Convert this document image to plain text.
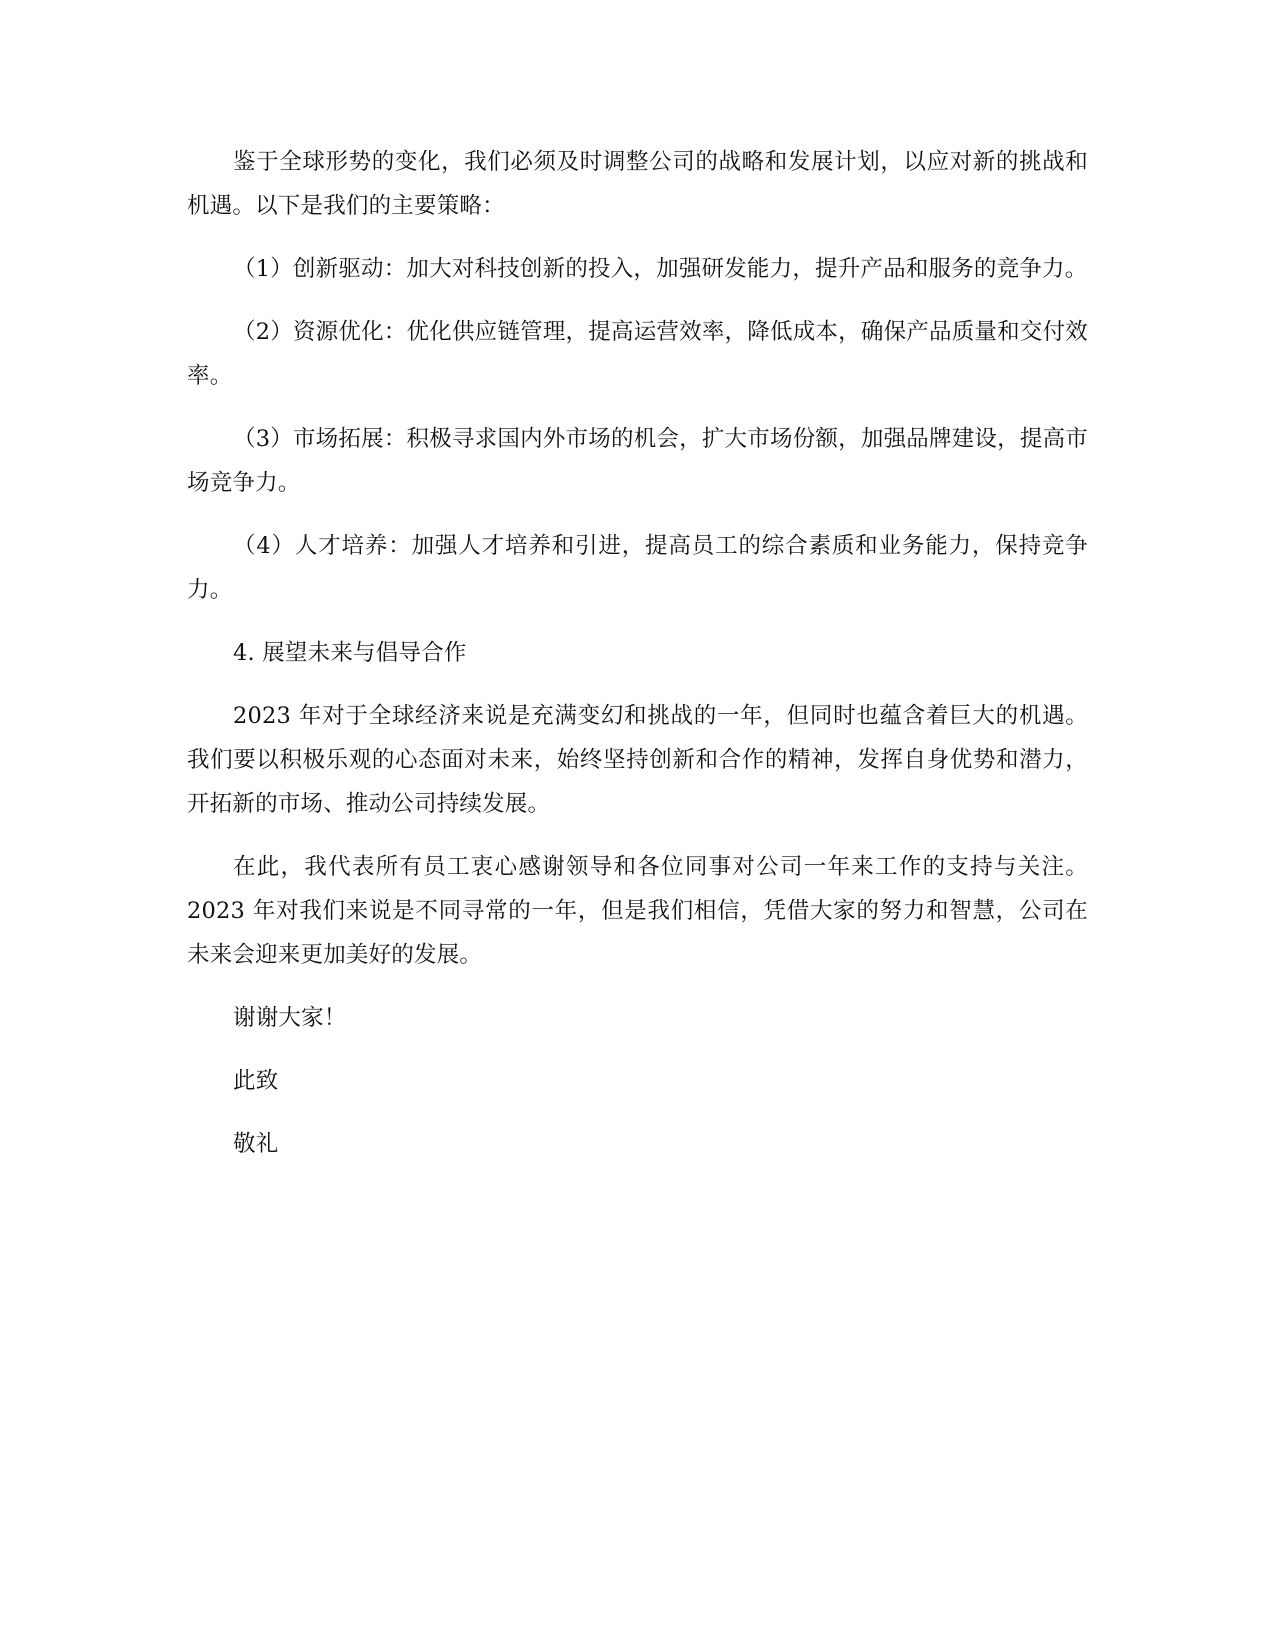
鉴于全球形势的变化，我们必须及时调整公司的战略和发展计划，以应对新的挑战和机遇。以下是我们的主要策略：

（1）创新驱动：加大对科技创新的投入，加强研发能力，提升产品和服务的竞争力。

（2）资源优化：优化供应链管理，提高运营效率，降低成本，确保产品质量和交付效率。

（3）市场拓展：积极寻求国内外市场的机会，扩大市场份额，加强品牌建设，提高市场竞争力。

（4）人才培养：加强人才培养和引进，提高员工的综合素质和业务能力，保持竞争力。

4. 展望未来与倡导合作

2023 年对于全球经济来说是充满变幻和挑战的一年，但同时也蕴含着巨大的机遇。我们要以积极乐观的心态面对未来，始终坚持创新和合作的精神，发挥自身优势和潜力，开拓新的市场、推动公司持续发展。

在此，我代表所有员工衷心感谢领导和各位同事对公司一年来工作的支持与关注。2023 年对我们来说是不同寻常的一年，但是我们相信，凭借大家的努力和智慧，公司在未来会迎来更加美好的发展。

谢谢大家！

此致

敬礼
